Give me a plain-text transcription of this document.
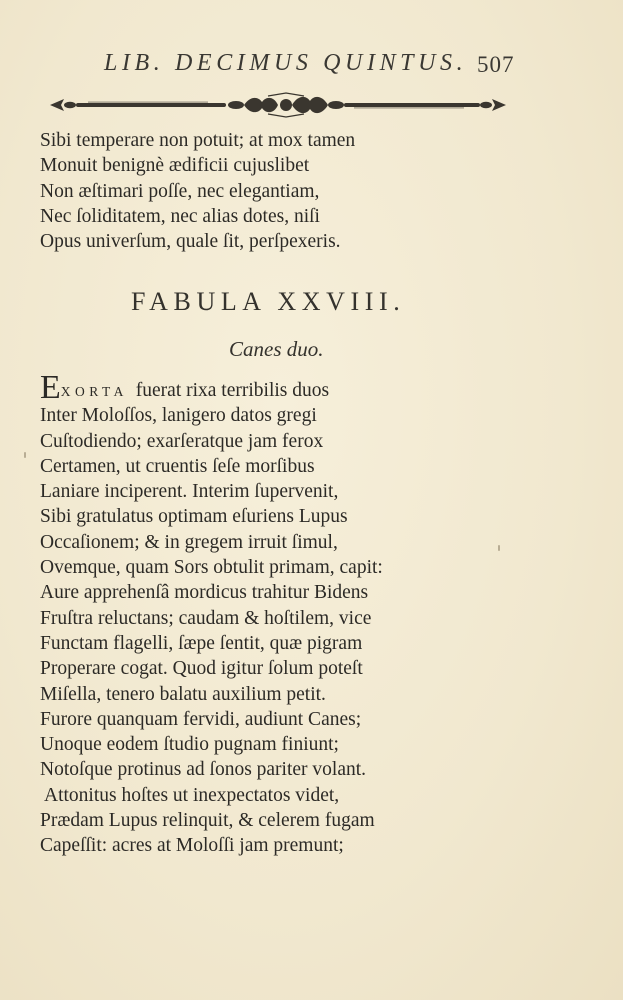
LIB. DECIMUS QUINTUS. 507
Sibi temperare non potuit; at mox tamen
Monuit benignè ædificii cujuslibet
Non æſtimari poſſe, nec elegantiam,
Nec ſoliditatem, nec alias dotes, niſi
Opus univerſum, quale ſit, perſpexeris.
FABULA XXVIII.
Canes duo.
EXORTA fuerat rixa terribilis duos
Inter Moloſſos, lanigero datos gregi
Cuſtodiendo; exarſeratque jam ferox
Certamen, ut cruentis ſeſe morſibus
Laniare inciperent. Interim ſupervenit,
Sibi gratulatus optimam eſuriens Lupus
Occaſionem; & in gregem irruit ſimul,
Ovemque, quam Sors obtulit primam, capit:
Aure apprehenſâ mordicus trahitur Bidens
Fruſtra reluctans; caudam & hoſtilem, vice
Functam flagelli, ſæpe ſentit, quæ pigram
Properare cogat. Quod igitur ſolum poteſt
Miſella, tenero balatu auxilium petit.
Furore quanquam fervidi, audiunt Canes;
Unoque eodem ſtudio pugnam finiunt;
Notoſque protinus ad ſonos pariter volant.
Attonitus hoſtes ut inexpectatos videt,
Prædam Lupus relinquit, & celerem fugam
Capeſſit: acres at Moloſſi jam premunt;
